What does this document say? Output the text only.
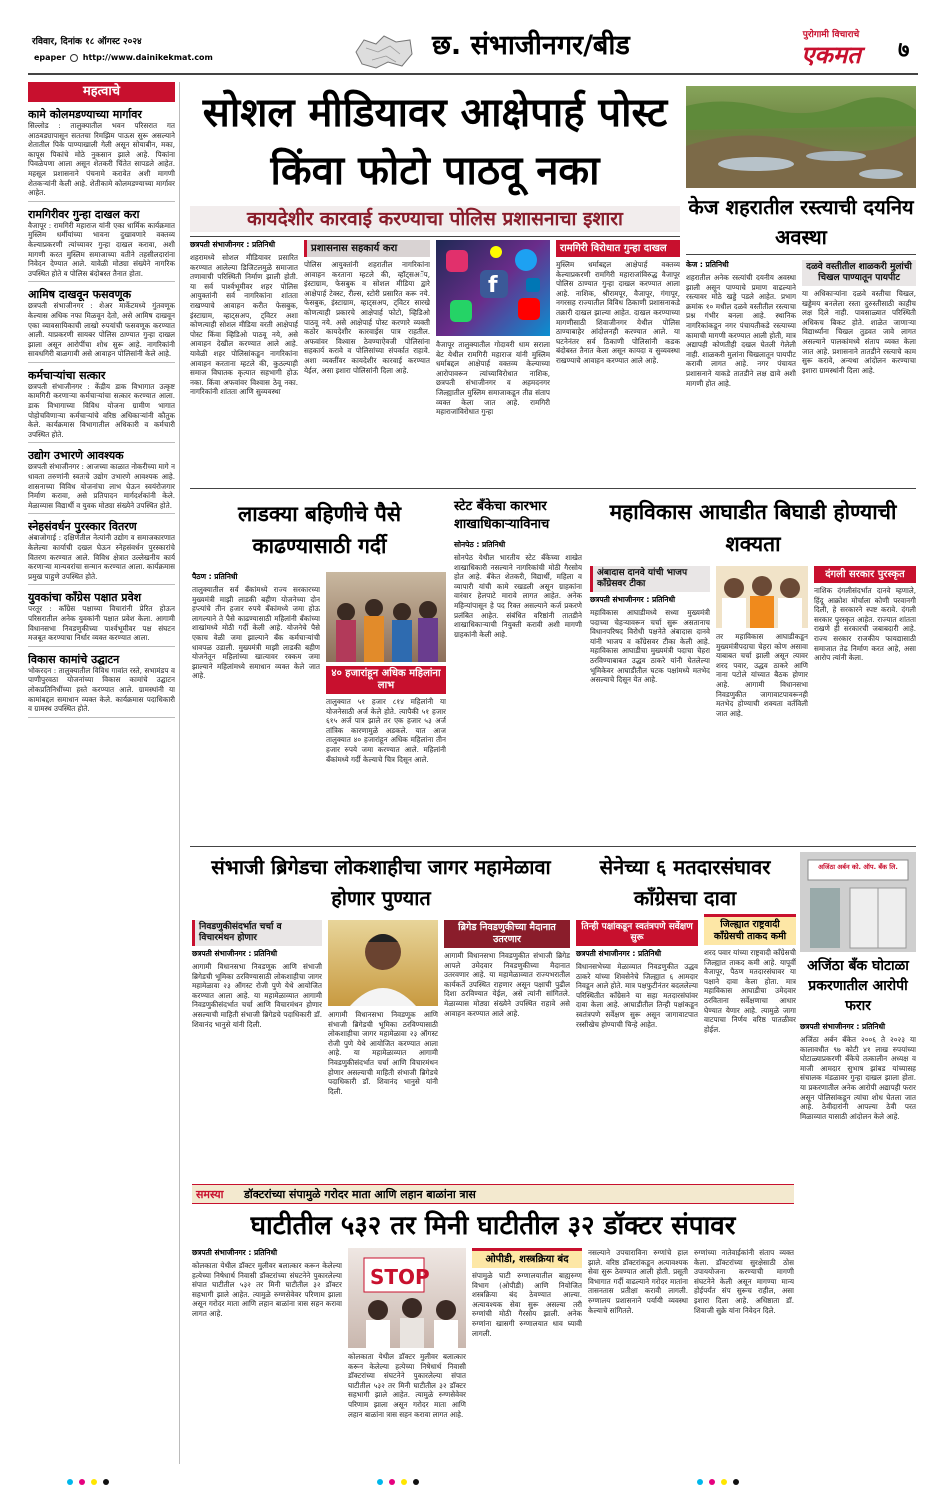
रविवार, दिनांक १८ ऑगस्ट २०२४
epaper http://www.dainikekmat.com	छ. संभाजीनगर/बीड	पुरोगामी विचाराचे
एकमत	७
महत्वाचे
कामे कोलमडण्याच्या मार्गावर
सिल्लोड : तालुक्यातील भवन परिसरात गत आठवड्यापासून सततचा रिमझिम पाऊस सुरू असल्याने शेतातील पिके पाण्याखाली गेली असून सोयाबीन, मका, कापूस पिकांचे मोठे नुकसान झाले आहे. पिकांना पिवळेपणा आला असून शेतकरी चिंतेत सापडले आहेत. महसूल प्रशासनाने पंचनामे करावेत अशी मागणी शेतकऱ्यांनी केली आहे. शेतीकामे कोलमडण्याच्या मार्गावर आहेत.
रामगिरीवर गुन्हा दाखल करा
वैजापूर : रामगिरी महाराज यांनी एका धार्मिक कार्यक्रमात मुस्लिम धर्मीयांच्या भावना दुखावणारे वक्तव्य केल्याप्रकरणी त्यांच्यावर गुन्हा दाखल करावा, अशी मागणी करत मुस्लिम समाजाच्या वतीने तहसीलदारांना निवेदन देण्यात आले. यावेळी मोठ्या संख्येने नागरिक उपस्थित होते व पोलिस बंदोबस्त तैनात होता.
आमिष दाखवून फसवणूक
छत्रपती संभाजीनगर : शेअर मार्केटमध्ये गुंतवणूक केल्यास अधिक नफा मिळवून देतो, असे आमिष दाखवून एका व्यावसायिकाची लाखो रुपयांची फसवणूक करण्यात आली. याप्रकरणी सायबर पोलिस ठाण्यात गुन्हा दाखल झाला असून आरोपींचा शोध सुरू आहे. नागरिकांनी सावधगिरी बाळगावी असे आवाहन पोलिसांनी केले आहे.
कर्मचाऱ्यांचा सत्कार
छत्रपती संभाजीनगर : केंद्रीय डाक विभागात उत्कृष्ट कामगिरी करणाऱ्या कर्मचाऱ्यांचा सत्कार करण्यात आला. डाक विभागाच्या विविध योजना ग्रामीण भागात पोहोचविणाऱ्या कर्मचाऱ्यांचे वरिष्ठ अधिकाऱ्यांनी कौतुक केले. कार्यक्रमास विभागातील अधिकारी व कर्मचारी उपस्थित होते.
उद्योग उभारणे आवश्यक
छत्रपती संभाजीनगर : आजच्या काळात नोकरीच्या मागे न धावता तरुणांनी स्वतःचे उद्योग उभारणे आवश्यक आहे. शासनाच्या विविध योजनांचा लाभ घेऊन स्वयंरोजगार निर्माण करावा, असे प्रतिपादन मार्गदर्शकांनी केले. मेळाव्यास विद्यार्थी व युवक मोठ्या संख्येने उपस्थित होते.
स्नेहसंवर्धन पुरस्कार वितरण
अंबाजोगाई : दक्षिणेतील नेत्यांनी उद्योग व समाजकारणात केलेल्या कार्याची दखल घेऊन स्नेहसंवर्धन पुरस्कारांचे वितरण करण्यात आले. विविध क्षेत्रात उल्लेखनीय कार्य करणाऱ्या मान्यवरांचा सन्मान करण्यात आला. कार्यक्रमास प्रमुख पाहुणे उपस्थित होते.
युवकांचा काँग्रेस पक्षात प्रवेश
परतूर : काँग्रेस पक्षाच्या विचारांनी प्रेरित होऊन परिसरातील अनेक युवकांनी पक्षात प्रवेश केला. आगामी विधानसभा निवडणुकीच्या पार्श्वभूमीवर पक्ष संघटन मजबूत करण्याचा निर्धार व्यक्त करण्यात आला.
विकास कामांचे उद्घाटन
भोकरदन : तालुक्यातील विविध गावांत रस्ते, सभामंडप व पाणीपुरवठा योजनांच्या विकास कामांचे उद्घाटन लोकप्रतिनिधींच्या हस्ते करण्यात आले. ग्रामस्थांनी या कामांबद्दल समाधान व्यक्त केले. कार्यक्रमास पदाधिकारी व ग्रामस्थ उपस्थित होते.
सोशल मीडियावर आक्षेपार्ह पोस्ट किंवा फोटो पाठवू नका
कायदेशीर कारवाई करण्याचा पोलिस प्रशासनाचा इशारा
छत्रपती संभाजीनगर : प्रतिनिधी
शहरामध्ये सोशल मीडियावर प्रसारित करण्यात आलेल्या डिजिटलमुळे समाजात तणावाची परिस्थिती निर्माण झाली होती. या सर्व पार्श्वभूमीवर शहर पोलिस आयुक्तांनी सर्व नागरिकांना शांतता राखण्याचे आवाहन करीत फेसबुक, इंस्टाग्राम, व्हाट्सअप, ट्विटर अशा कोणत्याही सोशल मीडिया वरती आक्षेपार्ह पोस्ट किंवा व्हिडिओ पाठवू नये, असे आवाहन देखील करण्यात आले आहे. यावेळी शहर पोलिसांकडून नागरिकांना आवाहन करताना म्हटले की, कुठल्याही समाज विघातक कृत्यात सहभागी होऊ नका. किंवा अफवांवर विश्वास ठेवू नका. नागरिकांनी शांतता आणि सुव्यवस्था
प्रशासनास सहकार्य करा
पोलिस आयुक्तांनी शहरातील नागरिकांना आवाहन करताना म्हटले की, व्हॉट्सअॅप, इंस्टाग्राम, फेसबुक व सोशल मीडिया द्वारे आक्षेपार्ह टेक्स्ट, रील्स, स्टोरी प्रसारित करू नये. फेसबुक, इंस्टाग्राम, व्हाट्सअप, ट्विटर सारखे कोणत्याही प्रकारचे आक्षेपार्ह फोटो, व्हिडिओ पाठवू नये. असे आक्षेपार्ह पोस्ट करणारे व्यक्ती कठोर कायदेशीर कारवाईस पात्र राहतील. अफवांवर विश्वास ठेवण्याऐवजी पोलिसांना सहकार्य करावे व पोलिसांच्या संपर्कात राहावे. अशा व्यक्तींवर कायदेशीर कारवाई करण्यात येईल, असा इशारा पोलिसांनी दिला आहे.
f
वैजापूर तालुक्यातील गोदावरी धाम सराला बेट येथील रामगिरी महाराज यांनी मुस्लिम धर्माबद्दल आक्षेपार्ह वक्तव्य केल्याच्या आरोपावरून त्यांच्याविरोधात नाशिक, छत्रपती संभाजीनगर व अहमदनगर जिल्ह्यातील मुस्लिम समाजाकडून तीव्र संताप व्यक्त केला जात आहे. रामगिरी महाराजांविरोधात गुन्हा
रामगिरी विरोधात गुन्हा दाखल
मुस्लिम धर्माबद्दल आक्षेपार्ह वक्तव्य केल्याप्रकरणी रामगिरी महाराजांविरुद्ध वैजापूर पोलिस ठाण्यात गुन्हा दाखल करण्यात आला आहे. नाशिक, श्रीरामपूर, वैजापूर, गंगापूर, नगरसह राज्यातील विविध ठिकाणी प्रशासनाकडे तक्रारी दाखल झाल्या आहेत. दाखल करण्याच्या मागणीसाठी शिवाजीनगर येथील पोलिस ठाण्याबाहेर आंदोलनही करण्यात आले. या घटनेनंतर सर्व ठिकाणी पोलिसांनी कडक बंदोबस्त तैनात केला असून कायदा व सुव्यवस्था राखण्याचे आवाहन करण्यात आले आहे.
केज शहरातील रस्त्याची दयनिय अवस्था
केज : प्रतिनिधी
शहरातील अनेक रस्त्यांची दयनीय अवस्था झाली असून पाण्याचे प्रमाण वाढल्याने रस्त्यावर मोठे खड्डे पडले आहेत. प्रभाग क्रमांक १० मधील दळवे वस्तीतील रस्त्याचा प्रश्न गंभीर बनला आहे. स्थानिक नागरिकांकडून नगर पंचायतीकडे रस्त्याच्या कामाची मागणी करण्यात आली होती, मात्र अद्यापही कोणतीही दखल घेतली गेलेली नाही. शाळकरी मुलांना चिखलातून पायपीट करावी लागत आहे. नगर पंचायत प्रशासनाने याकडे तातडीने लक्ष द्यावे अशी मागणी होत आहे.
दळवे वस्तीतील शाळकरी मुलांची चिखल पाण्यातून पायपीट
या अधिकाऱ्यांना दळवे वस्तीचा चिखल, खड्डेमय बनलेला रस्ता दुरुस्तीसाठी काहीच लक्ष दिले नाही. पावसाळ्यात परिस्थिती अधिकच बिकट होते. शाळेत जाणाऱ्या विद्यार्थ्यांना चिखल तुडवत जावे लागत असल्याने पालकांमध्ये संताप व्यक्त केला जात आहे. प्रशासनाने तातडीने रस्त्याचे काम सुरू करावे, अन्यथा आंदोलन करण्याचा इशारा ग्रामस्थांनी दिला आहे.
लाडक्या बहिणीचे पैसे काढण्यासाठी गर्दी
पैठण : प्रतिनिधी
तालुक्यातील सर्व बँकांमध्ये राज्य सरकारच्या मुख्यमंत्री माझी लाडकी बहीण योजनेच्या दोन हप्त्यांचे तीन हजार रुपये बँकांमध्ये जमा होऊ लागल्याने ते पैसे काढण्यासाठी महिलांनी बँकांच्या शाखांमध्ये मोठी गर्दी केली आहे. योजनेचे पैसे एकाच वेळी जमा झाल्याने बँक कर्मचाऱ्यांची धावपळ उडाली. मुख्यमंत्री माझी लाडकी बहीण योजनेतून महिलांच्या खात्यावर रक्कम जमा झाल्याने महिलांमध्ये समाधान व्यक्त केले जात आहे.	४० हजारांहून अधिक महिलांना लाभ
तालुक्यात ५१ हजार ८१४ महिलांनी या योजनेसाठी अर्ज केले होते. त्यापैकी ५१ हजार ६१५ अर्ज पात्र झाले तर एक हजार ५३ अर्ज तांत्रिक कारणामुळे अडकले. यात आज तालुक्यात ४० हजारांहून अधिक महिलांना तीन हजार रुपये जमा करण्यात आले. महिलांनी बँकांमध्ये गर्दी केल्याचे चित्र दिसून आले.
स्टेट बँकेचा कारभार शाखाधिकाऱ्याविनाच
सोनपेठ : प्रतिनिधी
सोनपेठ येथील भारतीय स्टेट बँकेच्या शाखेत शाखाधिकारी नसल्याने नागरिकांची मोठी गैरसोय होत आहे. बँकेत शेतकरी, विद्यार्थी, महिला व व्यापारी यांची कामे रखडली असून ग्राहकांना वारंवार हेलपाटे मारावे लागत आहेत. अनेक महिन्यांपासून हे पद रिक्त असल्याने कर्ज प्रकरणे प्रलंबित आहेत. संबंधित वरिष्ठांनी तातडीने शाखाधिकाऱ्याची नियुक्ती करावी अशी मागणी ग्राहकांनी केली आहे.
महाविकास आघाडीत बिघाडी होण्याची शक्यता
अंबादास दानवे यांची भाजप काँग्रेसवर टीका
छत्रपती संभाजीनगर : प्रतिनिधी
महाविकास आघाडीमध्ये सध्या मुख्यमंत्री पदाच्या चेहऱ्यावरून चर्चा सुरू असतानाच विधानपरिषद विरोधी पक्षनेते अंबादास दानवे यांनी भाजप व काँग्रेसवर टीका केली आहे. महाविकास आघाडीचा मुख्यमंत्री पदाचा चेहरा ठरविण्याबाबत उद्धव ठाकरे यांनी घेतलेल्या भूमिकेवर आघाडीतील घटक पक्षांमध्ये मतभेद असल्याचे दिसून येत आहे.
तर महाविकास आघाडीकडून मुख्यमंत्रीपदाचा चेहरा कोण असावा याबाबत चर्चा झाली असून त्यावर शरद पवार, उद्धव ठाकरे आणि नाना पटोले यांच्यात बैठक होणार आहे. आगामी विधानसभा निवडणुकीत जागावाटपावरूनही मतभेद होण्याची शक्यता वर्तविली जात आहे.
दंगली सरकार पुरस्कृत
नाशिक दंगलीसंदर्भात दानवे म्हणाले, हिंदू आक्रोश मोर्चाला कोणी परवानगी दिली, हे सरकारने स्पष्ट करावे. दंगली सरकार पुरस्कृत आहेत. राज्यात शांतता राखणे ही सरकारची जबाबदारी आहे. राज्य सरकार राजकीय फायद्यासाठी समाजात तेढ निर्माण करत आहे, असा आरोप त्यांनी केला.
संभाजी ब्रिगेडचा लोकशाहीचा जागर महामेळावा होणार पुण्यात
निवडणुकीसंदर्भात चर्चा व विचारमंथन होणार
छत्रपती संभाजीनगर : प्रतिनिधी
आगामी विधानसभा निवडणूक आणि संभाजी ब्रिगेडची भूमिका ठरविण्यासाठी लोकशाहीचा जागर महामेळावा २३ ऑगस्ट रोजी पुणे येथे आयोजित करण्यात आला आहे. या महामेळाव्यात आगामी निवडणुकीसंदर्भात चर्चा आणि विचारमंथन होणार असल्याची माहिती संभाजी ब्रिगेडचे पदाधिकारी डॉ. शिवानंद भानुसे यांनी दिली.
आगामी विधानसभा निवडणूक आणि संभाजी ब्रिगेडची भूमिका ठरविण्यासाठी लोकशाहीचा जागर महामेळावा २३ ऑगस्ट रोजी पुणे येथे आयोजित करण्यात आला आहे. या महामेळाव्यात आगामी निवडणुकीसंदर्भात चर्चा आणि विचारमंथन होणार असल्याची माहिती संभाजी ब्रिगेडचे पदाधिकारी डॉ. शिवानंद भानुसे यांनी दिली.
ब्रिगेड निवडणुकीच्या मैदानात उतरणार
आगामी विधानसभा निवडणुकीत संभाजी ब्रिगेड आपले उमेदवार निवडणुकीच्या मैदानात उतरवणार आहे. या महामेळाव्यात राज्यभरातील कार्यकर्ते उपस्थित राहणार असून पक्षाची पुढील दिशा ठरविण्यात येईल, असे त्यांनी सांगितले. मेळाव्यास मोठ्या संख्येने उपस्थित राहावे असे आवाहन करण्यात आले आहे.
सेनेच्या ६ मतदारसंघावर काँग्रेसचा दावा
तिन्ही पक्षांकडून स्वतंत्रपणे सर्वेक्षण सुरू
छत्रपती संभाजीनगर : प्रतिनिधी
विधानसभेच्या मेळाव्यात निवडणुकीत उद्धव ठाकरे यांच्या शिवसेनेचे जिल्ह्यात ६ आमदार निवडून आले होते. मात्र पक्षफुटीनंतर बदललेल्या परिस्थितीत काँग्रेसने या सहा मतदारसंघांवर दावा केला आहे. आघाडीतील तिन्ही पक्षांकडून स्वतंत्रपणे सर्वेक्षण सुरू असून जागावाटपात रस्सीखेच होण्याची चिन्हे आहेत.
जिल्ह्यात राष्ट्रवादी काँग्रेसची ताकद कमी
शरद पवार यांच्या राष्ट्रवादी काँग्रेसची जिल्ह्यात ताकद कमी आहे. यापूर्वी वैजापूर, पैठण मतदारसंघावर या पक्षाने दावा केला होता. मात्र महाविकास आघाडीचा उमेदवार ठरविताना सर्वेक्षणाचा आधार घेण्यात येणार आहे. त्यामुळे जागा वाटपाचा निर्णय वरिष्ठ पातळीवर होईल.
अजिंठा अर्बन को. ऑप. बँक लि.
अजिंठा बँक घोटाळा प्रकरणातील आरोपी फरार
छत्रपती संभाजीनगर : प्रतिनिधी
अजिंठा अर्बन बँकेत २००६ ते २०२३ या कालावधीत ९७ कोटी ४१ लाख रुपयांच्या घोटाळ्याप्रकरणी बँकेचे तत्कालीन अध्यक्ष व माजी आमदार सुभाष झांबड यांच्यासह संचालक मंडळावर गुन्हा दाखल झाला होता. या प्रकरणातील अनेक आरोपी अद्यापही फरार असून पोलिसांकडून त्यांचा शोध घेतला जात आहे. ठेवीदारांनी आपल्या ठेवी परत मिळाव्यात यासाठी आंदोलन केले आहे.
समस्या डॉक्टरांच्या संपामुळे गरोदर माता आणि लहान बाळांना त्रास
घाटीतील ५३२ तर मिनी घाटीतील ३२ डॉक्टर संपावर
छत्रपती संभाजीनगर : प्रतिनिधी
कोलकाता येथील डॉक्टर मुलीवर बलात्कार करून केलेल्या हत्येच्या निषेधार्थ निवासी डॉक्टरांच्या संघटनेने पुकारलेल्या संपात घाटीतील ५३२ तर मिनी घाटीतील ३२ डॉक्टर सहभागी झाले आहेत. त्यामुळे रुग्णसेवेवर परिणाम झाला असून गरोदर माता आणि लहान बाळांना त्रास सहन करावा लागत आहे.
STOP
कोलकाता येथील डॉक्टर मुलीवर बलात्कार करून केलेल्या हत्येच्या निषेधार्थ निवासी डॉक्टरांच्या संघटनेने पुकारलेल्या संपात घाटीतील ५३२ तर मिनी घाटीतील ३२ डॉक्टर सहभागी झाले आहेत. त्यामुळे रुग्णसेवेवर परिणाम झाला असून गरोदर माता आणि लहान बाळांना त्रास सहन करावा लागत आहे.
ओपीडी, शस्त्रक्रिया बंद
संपामुळे घाटी रुग्णालयातील बाह्यरुग्ण विभाग (ओपीडी) आणि नियोजित शस्त्रक्रिया बंद ठेवण्यात आल्या. अत्यावश्यक सेवा सुरू असल्या तरी रुग्णांची मोठी गैरसोय झाली. अनेक रुग्णांना खासगी रुग्णालयात धाव घ्यावी लागली.
नसल्याने उपचाराविना रुग्णांचे हाल झाले. वरिष्ठ डॉक्टरांकडून अत्यावश्यक सेवा सुरू ठेवण्यात आली होती. प्रसूती विभागात गर्दी वाढल्याने गरोदर मातांना तासनतास प्रतीक्षा करावी लागली. रुग्णालय प्रशासनाने पर्यायी व्यवस्था केल्याचे सांगितले.
रुग्णांच्या नातेवाईकांनी संताप व्यक्त केला. डॉक्टरांच्या सुरक्षेसाठी ठोस उपाययोजना करण्याची मागणी संघटनेने केली असून मागण्या मान्य होईपर्यंत संप सुरूच राहील, असा इशारा दिला आहे. अधिष्ठाता डॉ. शिवाजी सुक्रे यांना निवेदन दिले.
